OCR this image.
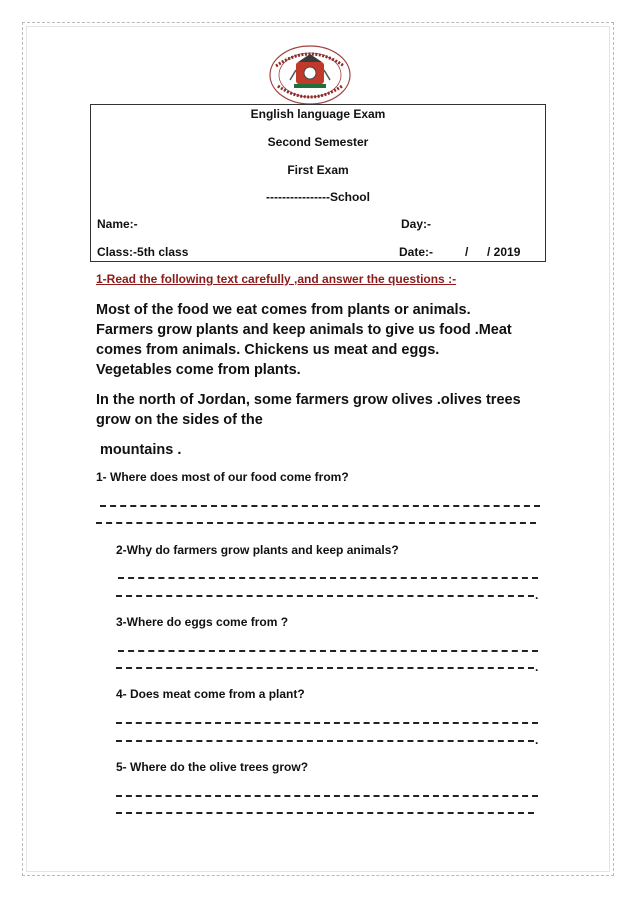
English language Exam
Second Semester
First Exam
----------------School
Name:-	Day:-
Class:-5th class	Date:-	/ / 2019
1-Read the following text carefully ,and answer the questions :-

Most of the food we eat comes from plants or animals.

Farmers grow plants and keep animals to give us food .Meat

comes from animals. Chickens us meat and eggs.

Vegetables come from plants.

In the north of Jordan, some farmers grow olives .olives trees

grow on the sides of the

mountains .

1- Where does most of our food come from?
2-Why do farmers grow plants and keep animals?
.
3-Where do eggs come from ?
.
4- Does meat come from a plant?
.
5- Where do the olive trees grow?
